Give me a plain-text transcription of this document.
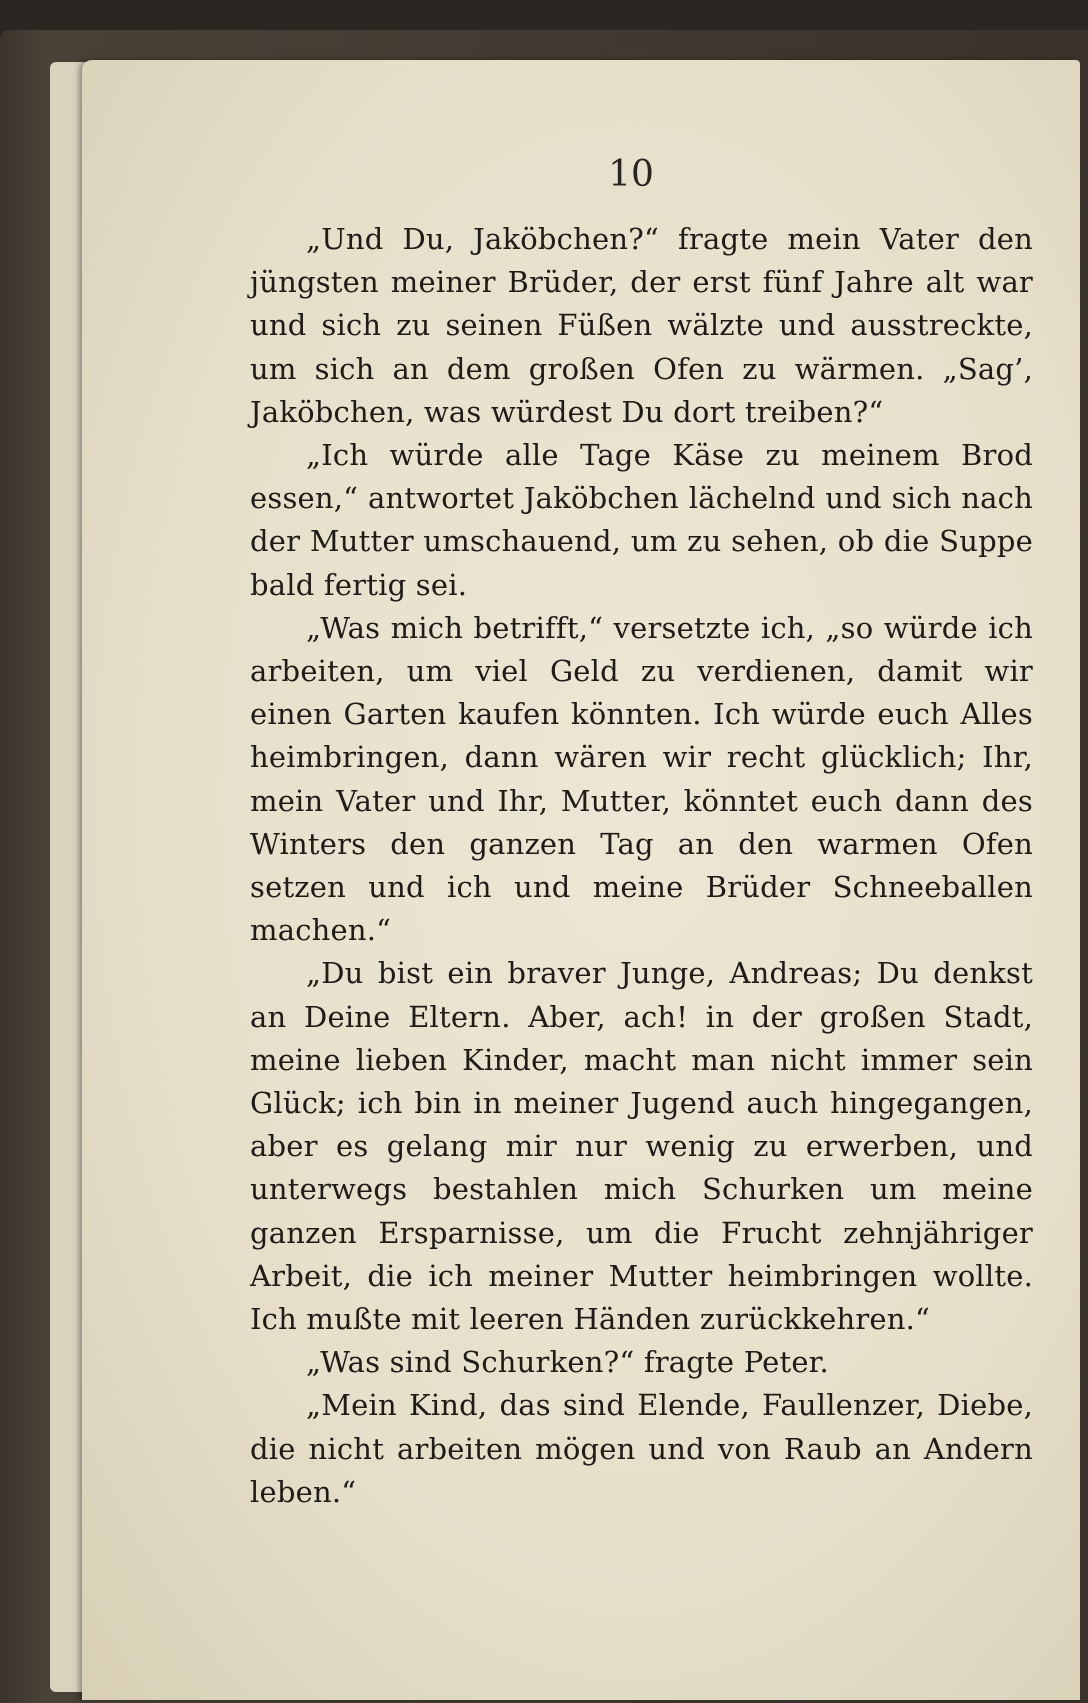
10

„Und Du, Jaköbchen?“ fragte mein Vater den jüngsten meiner Brüder, der erst fünf Jahre alt war und sich zu seinen Füßen wälzte und ausstreckte, um sich an dem großen Ofen zu wärmen. „Sag’, Jaköbchen, was würdest Du dort treiben?“

„Ich würde alle Tage Käse zu meinem Brod essen,“ antwortet Jaköbchen lächelnd und sich nach der Mutter umschauend, um zu sehen, ob die Suppe bald fertig sei.

„Was mich betrifft,“ versetzte ich, „so würde ich arbeiten, um viel Geld zu verdienen, damit wir einen Garten kaufen könnten. Ich würde euch Alles heimbringen, dann wären wir recht glücklich; Ihr, mein Vater und Ihr, Mutter, könntet euch dann des Winters den ganzen Tag an den warmen Ofen setzen und ich und meine Brüder Schneeballen machen.“

„Du bist ein braver Junge, Andreas; Du denkst an Deine Eltern. Aber, ach! in der großen Stadt, meine lieben Kinder, macht man nicht immer sein Glück; ich bin in meiner Jugend auch hingegangen, aber es gelang mir nur wenig zu erwerben, und unterwegs bestahlen mich Schurken um meine ganzen Ersparnisse, um die Frucht zehnjähriger Arbeit, die ich meiner Mutter heimbringen wollte. Ich mußte mit leeren Händen zurückkehren.“

„Was sind Schurken?“ fragte Peter.

„Mein Kind, das sind Elende, Faullenzer, Diebe, die nicht arbeiten mögen und von Raub an Andern leben.“
